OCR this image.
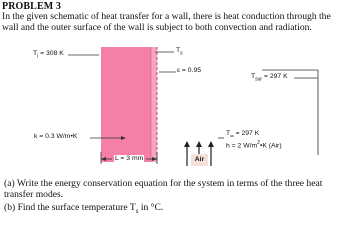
PROBLEM 3
In the given schematic of heat transfer for a wall, there is heat conduction through the wall and the outer surface of the wall is subject to both convection and radiation.
$T_i = 308$ K	$T_s$
ε = 0.95
$T_{sur} = 297$ K
k = 0.3 W/m•K	$T_\infty = 297$ K
h = 2 $W/m^2•K$ (Air)
L = 3 mm	Air
(a) Write the energy conservation equation for the system in terms of the three heat transfer modes.
(b) Find the surface temperature $T_s$ in °C.
